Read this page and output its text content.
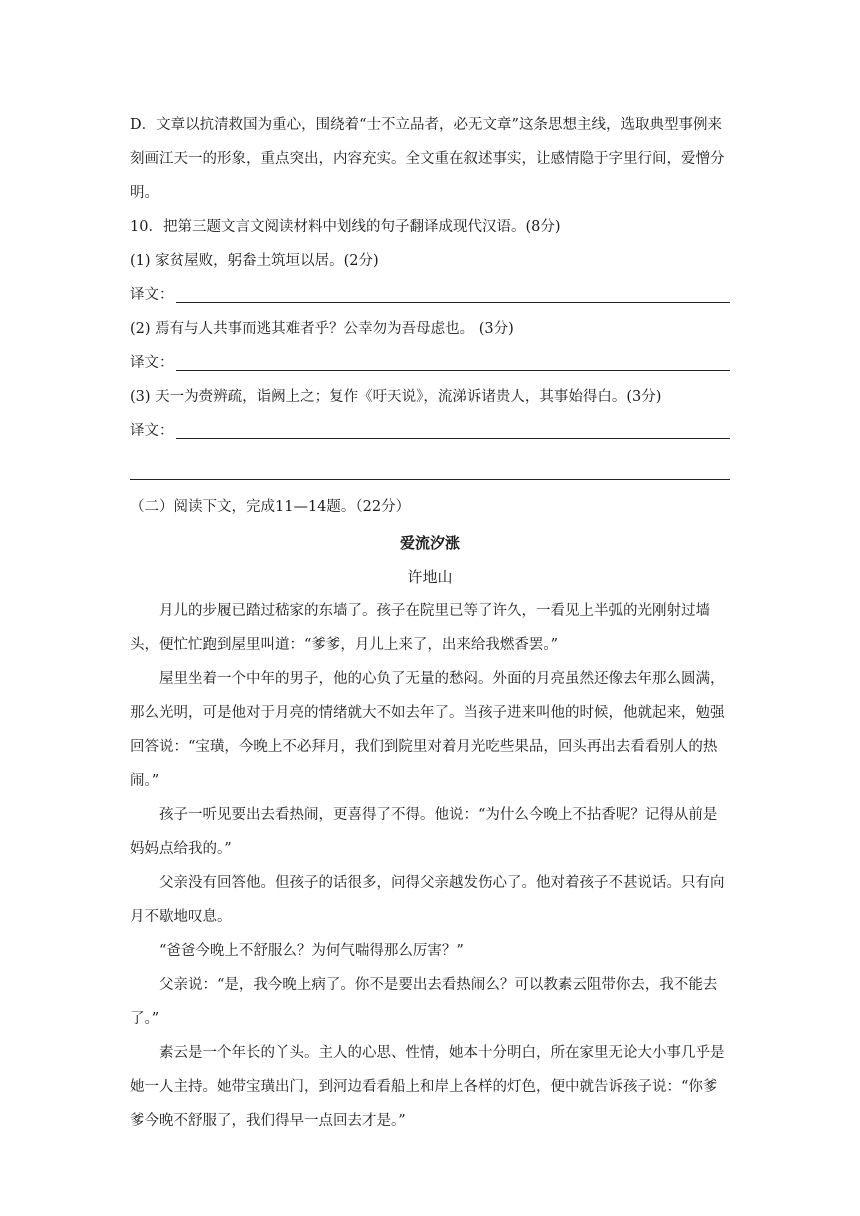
D．文章以抗清救国为重心，围绕着“士不立品者，必无文章”这条思想主线，选取典型事例来刻画江天一的形象，重点突出，内容充实。全文重在叙述事实，让感情隐于字里行间，爱憎分明。

10．把第三题文言文阅读材料中划线的句子翻译成现代汉语。(8分)

(1) 家贫屋败，躬畚土筑垣以居。(2分)

译文：

(2) 焉有与人共事而逃其难者乎？公幸勿为吾母虑也。 (3分)

译文：

(3) 天一为赍辨疏，诣阙上之；复作《吁天说》，流涕诉诸贵人，其事始得白。(3分)

译文：

（二）阅读下文，完成11—14题。（22分）

爱流汐涨
许地山

月儿的步履已踏过嵇家的东墙了。孩子在院里已等了许久，一看见上半弧的光刚射过墙头，便忙忙跑到屋里叫道：“爹爹，月儿上来了，出来给我燃香罢。”

屋里坐着一个中年的男子，他的心负了无量的愁闷。外面的月亮虽然还像去年那么圆满，那么光明，可是他对于月亮的情绪就大不如去年了。当孩子进来叫他的时候，他就起来，勉强回答说：“宝璜，今晚上不必拜月，我们到院里对着月光吃些果品，回头再出去看看别人的热闹。”

孩子一听见要出去看热闹，更喜得了不得。他说：“为什么今晚上不拈香呢？记得从前是妈妈点给我的。”

父亲没有回答他。但孩子的话很多，问得父亲越发伤心了。他对着孩子不甚说话。只有向月不歇地叹息。

“爸爸今晚上不舒服么？为何气喘得那么厉害？”

父亲说：“是，我今晚上病了。你不是要出去看热闹么？可以教素云阻带你去，我不能去了。”

素云是一个年长的丫头。主人的心思、性情，她本十分明白，所在家里无论大小事几乎是她一人主持。她带宝璜出门，到河边看看船上和岸上各样的灯色，便中就告诉孩子说：“你爹爹今晚不舒服了，我们得早一点回去才是。”
